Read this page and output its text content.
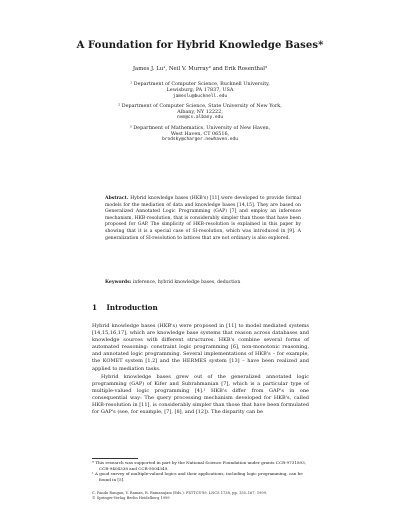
A Foundation for Hybrid Knowledge Bases*
James J. Lu¹, Neil V. Murray² and Erik Rosenthal³
¹ Department of Computer Science, Bucknell University,
Lewisburg, PA 17837, USA
jameslu@bucknell.edu
² Department of Computer Science, State University of New York,
Albany, NY 12222,
nvm@cs.albany.edu
³ Department of Mathematics, University of New Haven,
West Haven, CT 06516,
brodsky@charger.newhaven.edu
Abstract. Hybrid knowledge bases (HKB's) [11] were developed to provide formal models for the mediation of data and knowledge bases [14,15]. They are based on Generalized Annotated Logic Programming (GAP) [7] and employ an inference mechanism, HKB-resolution, that is considerably simpler than those that have been proposed for GAP. The simplicity of HKB-resolution is explained in this paper by showing that it is a special case of SI-resolution, which was introduced in [9]. A generalization of SI-resolution to lattices that are not ordinary is also explored.
Keywords: inference, hybrid knowledge bases, deduction
1 Introduction

Hybrid knowledge bases (HKB's) were proposed in [11] to model mediated systems [14,15,16,17], which are knowledge base systems that reason across databases and knowledge sources with different structures. HKB's combine several forms of automated reasoning: constraint logic programming [6], non-monotonic reasoning, and annotated logic programming. Several implementations of HKB's – for example, the KOMET system [1,2] and the HERMES system [13] – have been realized and applied to mediation tasks.

Hybrid knowledge bases grew out of the generalized annotated logic programming (GAP) of Kifer and Subrahmanian [7], which is a particular type of multiple-valued logic programming [4].¹ HKB's differ from GAP's in one consequential way: The query processing mechanism developed for HKB's, called HKB-resolution in [11], is considerably simpler than those that have been formulated for GAP's (see, for example, [7], [8], and [12]). The disparity can be

* This research was supported in part by the National Science Foundation under grants CCR-9731893, CCR-9404338 and CCR-9504349.
¹ A good survey of multiple-valued logics and their applications, including logic programming, can be found in [5].
C. Pandu Rangan, V. Raman, R. Ramanujam (Eds.): FSTTCS'99, LNCS 1738, pp. 155–167, 1999.
© Springer-Verlag Berlin Heidelberg 1999
